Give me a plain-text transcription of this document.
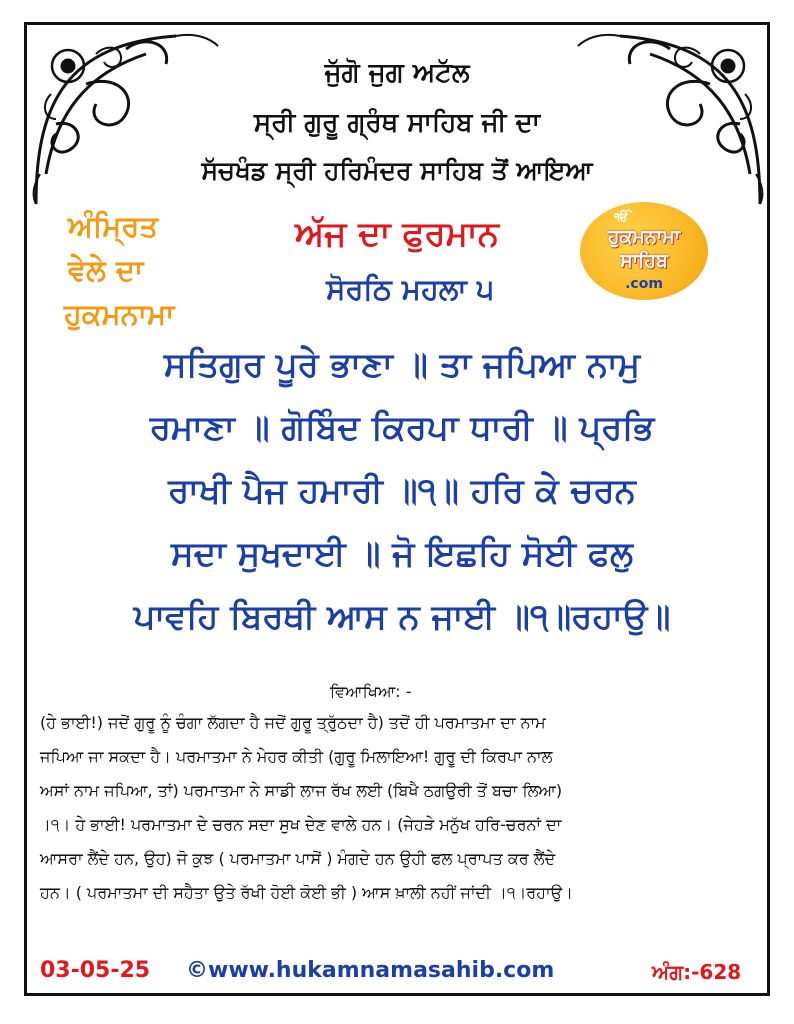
ਜੁੱਗੋ ਜੁਗ ਅਟੱਲ
ਸ੍ਰੀ ਗੁਰੂ ਗ੍ਰੰਥ ਸਾਹਿਬ ਜੀ ਦਾ
ਸੱਚਖੰਡ ਸ੍ਰੀ ਹਰਿਮੰਦਰ ਸਾਹਿਬ ਤੋਂ ਆਇਆ
ਅੰਮ੍ਰਿਤ
ਵੇਲੇ ਦਾ
ਹੁਕਮਨਾਮਾ
ਅੱਜ ਦਾ ਫੁਰਮਾਨ
ਸੋਰਠਿ ਮਹਲਾ ੫
ੴ
ਹੁਕਮਨਾਮਾ
ਸਾਹਿਬ
.com
ਸਤਿਗੁਰ ਪੂਰੇ ਭਾਣਾ ॥ ਤਾ ਜਪਿਆ ਨਾਮੁ
ਰਮਾਣਾ ॥ ਗੋਬਿੰਦ ਕਿਰਪਾ ਧਾਰੀ ॥ ਪ੍ਰਭਿ
ਰਾਖੀ ਪੈਜ ਹਮਾਰੀ ॥੧॥ ਹਰਿ ਕੇ ਚਰਨ
ਸਦਾ ਸੁਖਦਾਈ ॥ ਜੋ ਇਛਹਿ ਸੋਈ ਫਲੁ
ਪਾਵਹਿ ਬਿਰਥੀ ਆਸ ਨ ਜਾਈ ॥੧॥ਰਹਾਉ॥
ਵਿਆਖਿਆ: -
(ਹੇ ਭਾਈ!) ਜਦੋਂ ਗੁਰੂ ਨੂੰ ਚੰਗਾ ਲੱਗਦਾ ਹੈ ਜਦੋਂ ਗੁਰੂ ਤ੍ਰੁੱਠਦਾ ਹੈ) ਤਦੋਂ ਹੀ ਪਰਮਾਤਮਾ ਦਾ ਨਾਮ
ਜਪਿਆ ਜਾ ਸਕਦਾ ਹੈ। ਪਰਮਾਤਮਾ ਨੇ ਮੇਹਰ ਕੀਤੀ (ਗੁਰੂ ਮਿਲਾਇਆ! ਗੁਰੂ ਦੀ ਕਿਰਪਾ ਨਾਲ
ਅਸਾਂ ਨਾਮ ਜਪਿਆ, ਤਾਂ) ਪਰਮਾਤਮਾ ਨੇ ਸਾਡੀ ਲਾਜ ਰੱਖ ਲਈ (ਬਿਖੈ ਠਗਉਰੀ ਤੋਂ ਬਚਾ ਲਿਆ)
।੧। ਹੇ ਭਾਈ! ਪਰਮਾਤਮਾ ਦੇ ਚਰਨ ਸਦਾ ਸੁਖ ਦੇਣ ਵਾਲੇ ਹਨ। (ਜੇਹੜੇ ਮਨੁੱਖ ਹਰਿ-ਚਰਨਾਂ ਦਾ
ਆਸਰਾ ਲੈਂਦੇ ਹਨ, ਉਹ) ਜੋ ਕੁਝ ( ਪਰਮਾਤਮਾ ਪਾਸੋਂ ) ਮੰਗਦੇ ਹਨ ਉਹੀ ਫਲ ਪ੍ਰਾਪਤ ਕਰ ਲੈਂਦੇ
ਹਨ। ( ਪਰਮਾਤਮਾ ਦੀ ਸਹੈਤਾ ਉਤੇ ਰੱਖੀ ਹੋਈ ਕੋਈ ਭੀ ) ਆਸ ਖ਼ਾਲੀ ਨਹੀਂ ਜਾਂਦੀ ।੧।ਰਹਾਉ।
03-05-25 ©www.hukamnamasahib.com	ਅੰਗ:-628
